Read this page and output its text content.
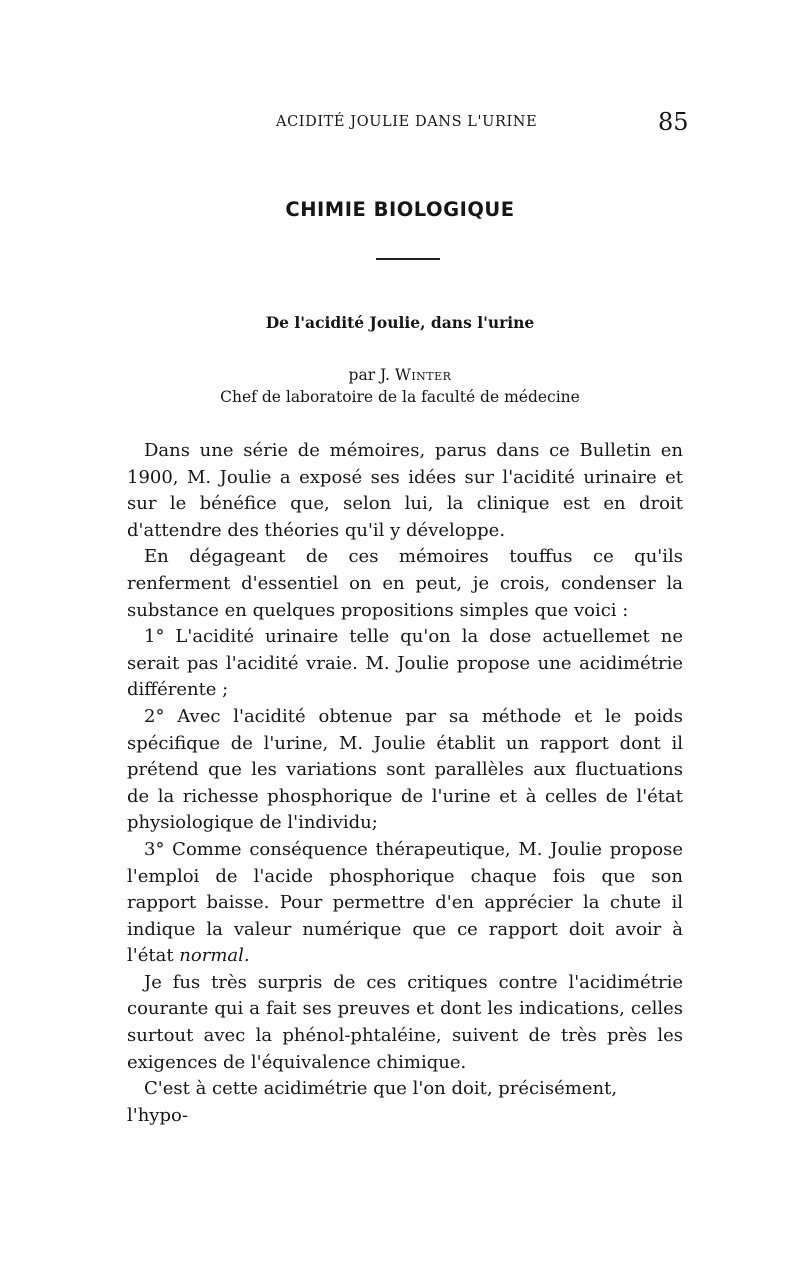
ACIDITÉ JOULIE DANS L'URINE	85
CHIMIE BIOLOGIQUE
De l'acidité Joulie, dans l'urine
par J. Winter
Chef de laboratoire de la faculté de médecine

Dans une série de mémoires, parus dans ce Bulletin en 1900, M. Joulie a exposé ses idées sur l'acidité urinaire et sur le bénéfice que, selon lui, la clinique est en droit d'attendre des théories qu'il y développe.

En dégageant de ces mémoires touffus ce qu'ils renferment d'essentiel on en peut, je crois, condenser la substance en quelques propositions simples que voici :

1° L'acidité urinaire telle qu'on la dose actuellemet ne serait pas l'acidité vraie. M. Joulie propose une acidimétrie différente ;

2° Avec l'acidité obtenue par sa méthode et le poids spécifique de l'urine, M. Joulie établit un rapport dont il prétend que les variations sont parallèles aux fluctuations de la richesse phosphorique de l'urine et à celles de l'état physiologique de l'individu;

3° Comme conséquence thérapeutique, M. Joulie propose l'emploi de l'acide phosphorique chaque fois que son rapport baisse. Pour permettre d'en apprécier la chute il indique la valeur numérique que ce rapport doit avoir à l'état normal.

Je fus très surpris de ces critiques contre l'acidimétrie courante qui a fait ses preuves et dont les indications, celles surtout avec la phénol-phtaléine, suivent de très près les exigences de l'équivalence chimique.

C'est à cette acidimétrie que l'on doit, précisément, l'hypo-
